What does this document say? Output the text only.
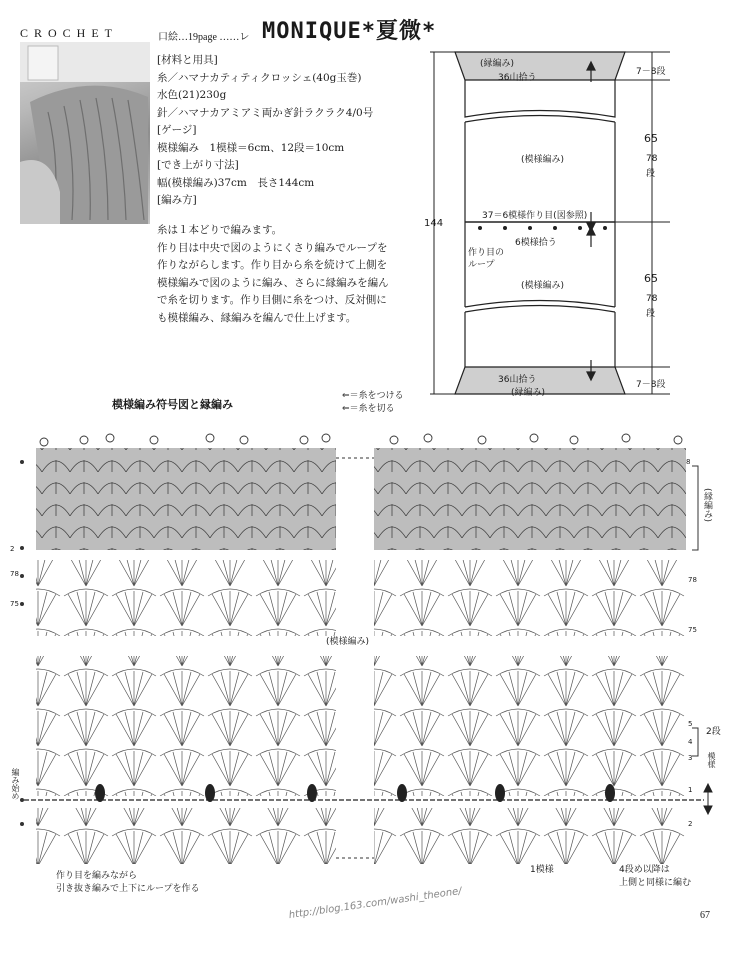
CROCHET	口絵…19page ……レ MONIQUE*夏微*
[材料と用具]
糸／ハマナカティティクロッシェ(40g玉巻)
水色(21)230g
針／ハマナカアミアミ両かぎ針ラクラク4/0号
[ゲージ]
模様編み　1模様＝6cm、12段＝10cm
[でき上がり寸法]
幅(模様編み)37cm　長さ144cm
[編み方]
糸は１本どりで編みます。
作り目は中央で図のようにくさり編みでループを
作りながらします。作り目から糸を続けて上側を
模様編みで図のように編み、さらに縁編みを編ん
で糸を切ります。作り目側に糸をつけ、反対側に
も模様編み、縁編みを編んで仕上げます。
(縁編み)
36山拾う
7－8段
(模様編み)
65
78
段
144
37＝6模様作り目(図参照)
6模様拾う
作り目の
ループ
(模様編み)
65
78
段
36山拾う
(縁編み)
7－8段
模様編み符号図と縁編み
⇐＝糸をつける
⇐＝糸を切る
(縁編み)
(模様編み)
78
75
78
75
2
8
5
4
3
1
2
2段
模様
編み始め
1模様
作り目を編みながら
引き抜き編みで上下にループを作る
4段め以降は
上側と同様に編む
http://blog.163.com/washi_theone/	67
